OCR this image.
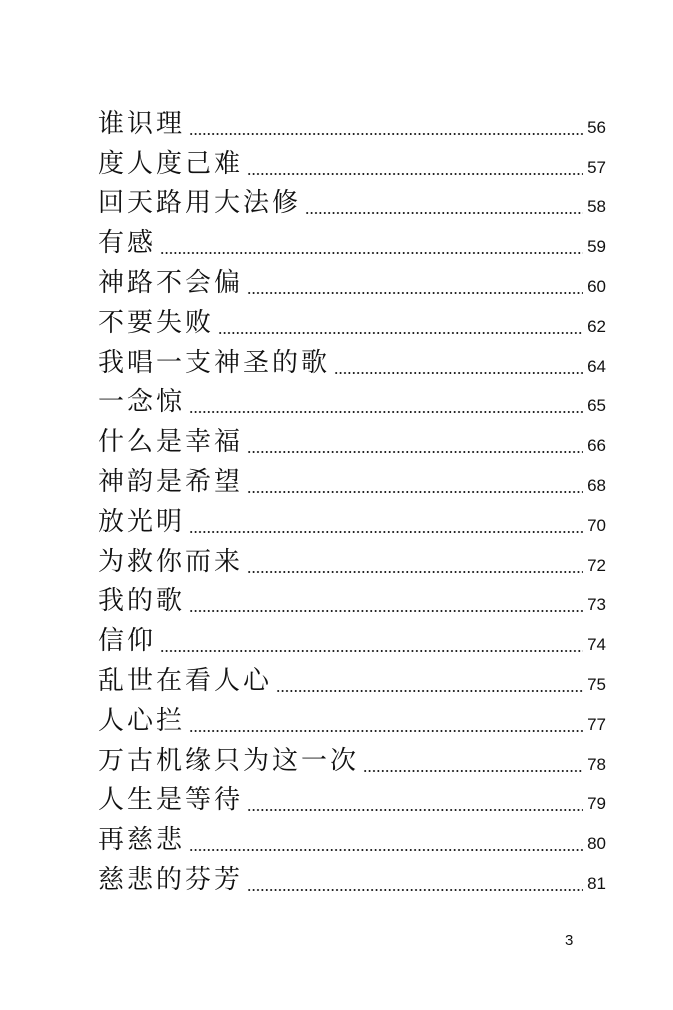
谁识理	56
度人度己难	57
回天路用大法修	58
有感	59
神路不会偏	60
不要失败	62
我唱一支神圣的歌	64
一念惊	65
什么是幸福	66
神韵是希望	68
放光明	70
为救你而来	72
我的歌	73
信仰	74
乱世在看人心	75
人心拦	77
万古机缘只为这一次	78
人生是等待	79
再慈悲	80
慈悲的芬芳	81
3
